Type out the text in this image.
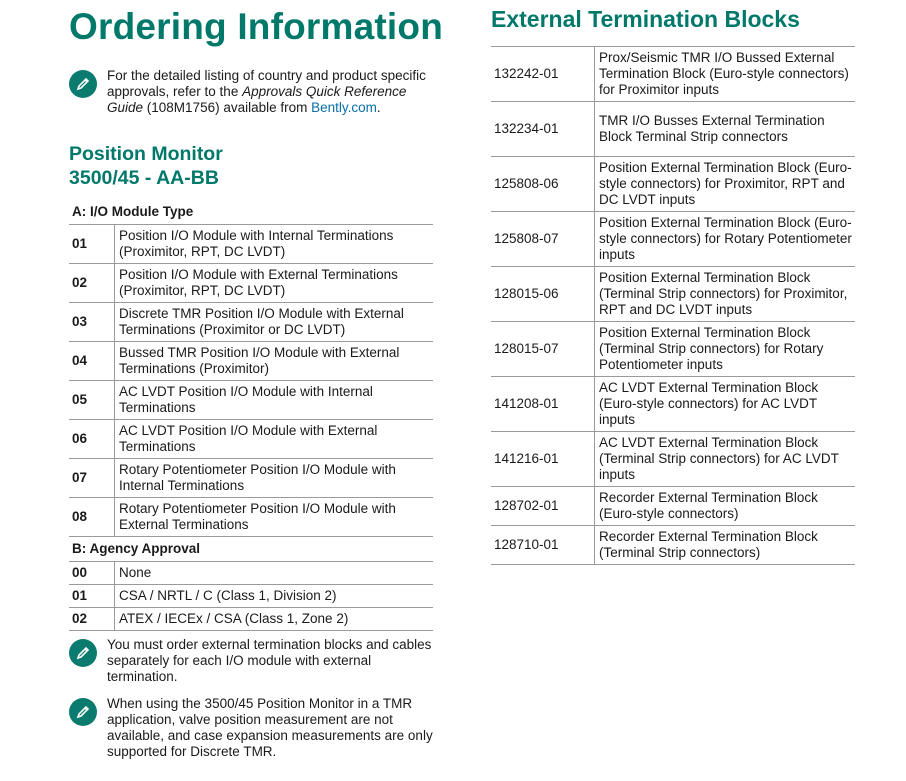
Ordering Information
For the detailed listing of country and product specific approvals, refer to the Approvals Quick Reference Guide (108M1756) available from Bently.com.
Position Monitor
3500/45 - AA-BB
A: I/O Module Type	
01	Position I/O Module with Internal Terminations (Proximitor, RPT, DC LVDT)
02	Position I/O Module with External Terminations (Proximitor, RPT, DC LVDT)
03	Discrete TMR Position I/O Module with External Terminations (Proximitor or DC LVDT)
04	Bussed TMR Position I/O Module with External Terminations (Proximitor)
05	AC LVDT Position I/O Module with Internal Terminations
06	AC LVDT Position I/O Module with External Terminations
07	Rotary Potentiometer Position I/O Module with Internal Terminations
08	Rotary Potentiometer Position I/O Module with External Terminations
B: Agency Approval	
00	None
01	CSA / NRTL / C (Class 1, Division 2)
02	ATEX / IECEx / CSA (Class 1, Zone 2)
You must order external termination blocks and cables separately for each I/O module with external termination.
When using the 3500/45 Position Monitor in a TMR application, valve position measurement are not available, and case expansion measurements are only supported for Discrete TMR.
External Termination Blocks
132242-01	Prox/Seismic TMR I/O Bussed External Termination Block (Euro-style connectors) for Proximitor inputs
132234-01	TMR I/O Busses External Termination Block Terminal Strip connectors
125808-06	Position External Termination Block (Euro-style connectors) for Proximitor, RPT and DC LVDT inputs
125808-07	Position External Termination Block (Euro-style connectors) for Rotary Potentiometer inputs
128015-06	Position External Termination Block (Terminal Strip connectors) for Proximitor, RPT and DC LVDT inputs
128015-07	Position External Termination Block (Terminal Strip connectors) for Rotary Potentiometer inputs
141208-01	AC LVDT External Termination Block (Euro-style connectors) for AC LVDT inputs
141216-01	AC LVDT External Termination Block (Terminal Strip connectors) for AC LVDT inputs
128702-01	Recorder External Termination Block (Euro-style connectors)
128710-01	Recorder External Termination Block (Terminal Strip connectors)
